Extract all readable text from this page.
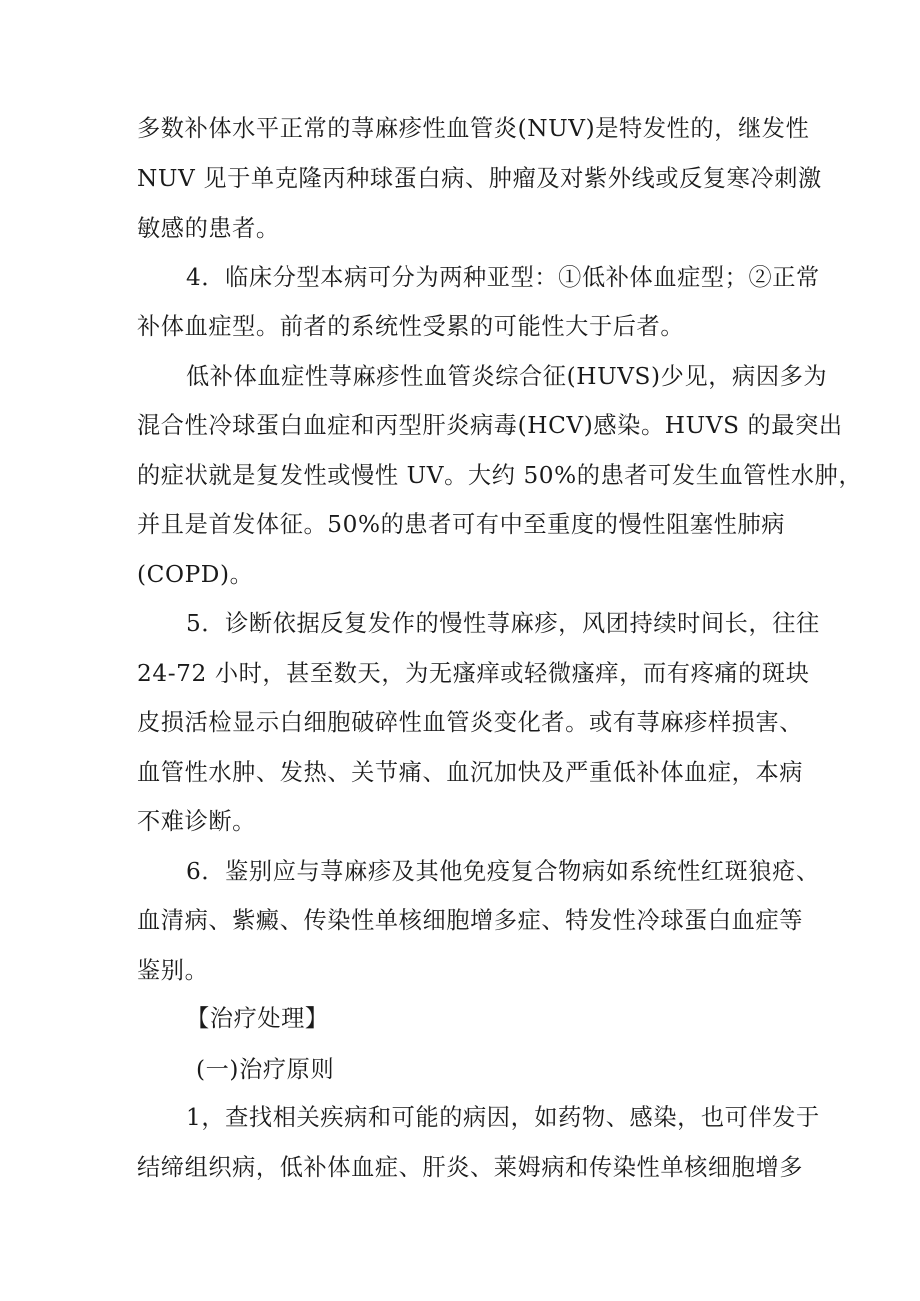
多数补体水平正常的荨麻疹性血管炎(NUV)是特发性的，继发性
NUV 见于单克隆丙种球蛋白病、肿瘤及对紫外线或反复寒冷刺激
敏感的患者。
4．临床分型本病可分为两种亚型：①低补体血症型；②正常
补体血症型。前者的系统性受累的可能性大于后者。
低补体血症性荨麻疹性血管炎综合征(HUVS)少见，病因多为
混合性冷球蛋白血症和丙型肝炎病毒(HCV)感染。HUVS 的最突出
的症状就是复发性或慢性 UV。大约 50%的患者可发生血管性水肿，
并且是首发体征。50%的患者可有中至重度的慢性阻塞性肺病
(COPD)。
5．诊断依据反复发作的慢性荨麻疹，风团持续时间长，往往
24-72 小时，甚至数天，为无瘙痒或轻微瘙痒，而有疼痛的斑块
皮损活检显示白细胞破碎性血管炎变化者。或有荨麻疹样损害、
血管性水肿、发热、关节痛、血沉加快及严重低补体血症，本病
不难诊断。
6．鉴别应与荨麻疹及其他免疫复合物病如系统性红斑狼疮、
血清病、紫癜、传染性单核细胞增多症、特发性冷球蛋白血症等
鉴别。
【治疗处理】
(一)治疗原则
1，查找相关疾病和可能的病因，如药物、感染，也可伴发于
结缔组织病，低补体血症、肝炎、莱姆病和传染性单核细胞增多
